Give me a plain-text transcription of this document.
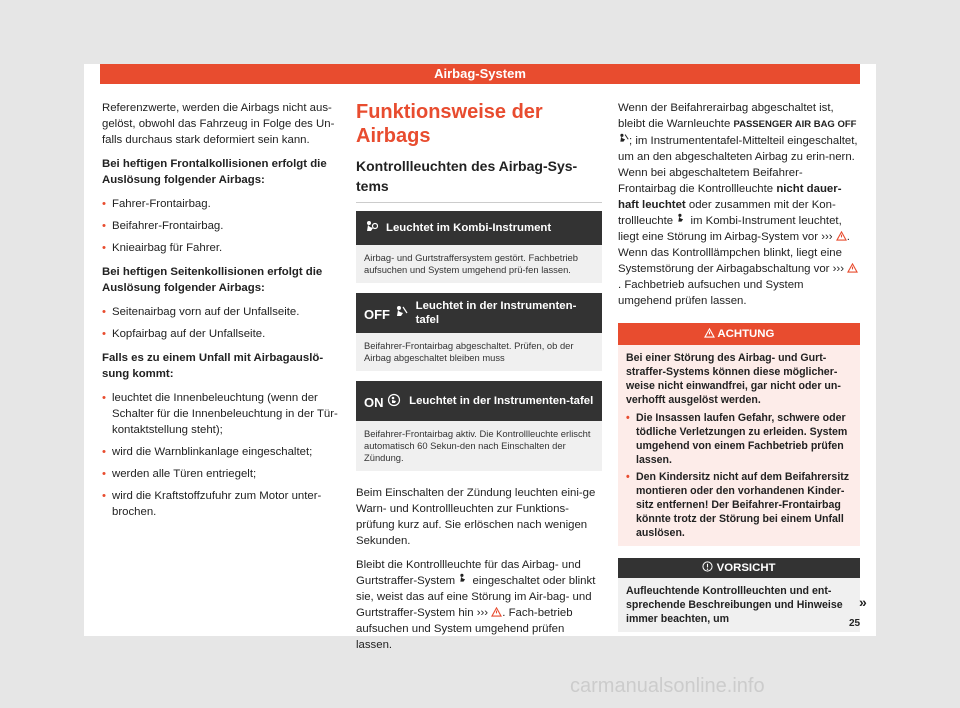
Airbag-System

Referenzwerte, werden die Airbags nicht aus-gelöst, obwohl das Fahrzeug in Folge des Un-falls durchaus stark deformiert sein kann.

Bei heftigen Frontalkollisionen erfolgt die Auslösung folgender Airbags:

• Fahrer-Frontairbag.
• Beifahrer-Frontairbag.
• Knieairbag für Fahrer.

Bei heftigen Seitenkollisionen erfolgt die Auslösung folgender Airbags:

• Seitenairbag vorn auf der Unfallseite.
• Kopfairbag auf der Unfallseite.

Falls es zu einem Unfall mit Airbagauslö-sung kommt:

• leuchtet die Innenbeleuchtung (wenn der Schalter für die Innenbeleuchtung in der Tür-kontaktstellung steht);
• wird die Warnblinkanlage eingeschaltet;
• werden alle Türen entriegelt;
• wird die Kraftstoffzufuhr zum Motor unter-brochen.
Funktionsweise der Airbags
Kontrollleuchten des Airbag-Sys-tems
Leuchtet im Kombi-Instrument
Airbag- und Gurtstraffersystem gestört. Fachbetrieb aufsuchen und System umgehend prü-fen lassen.
OFF
Leuchtet in der Instrumenten-tafel
Beifahrer-Frontairbag abgeschaltet. Prüfen, ob der Airbag abgeschaltet bleiben muss
ON	Leuchtet in der Instrumenten-tafel
Beifahrer-Frontairbag aktiv. Die Kontrollleuchte erlischt automatisch 60 Sekun-den nach Einschalten der Zündung.

Beim Einschalten der Zündung leuchten eini-ge Warn- und Kontrollleuchten zur Funktions-prüfung kurz auf. Sie erlöschen nach wenigen Sekunden.

Bleibt die Kontrollleuchte für das Airbag- und Gurtstraffer-System eingeschaltet oder blinkt sie, weist das auf eine Störung im Air-bag- und Gurtstraffer-System hin ››› . Fach-betrieb aufsuchen und System umgehend prüfen lassen.

Wenn der Beifahrerairbag abgeschaltet ist, bleibt die Warnleuchte PASSENGER AIR BAG OFF ; im Instrumententafel-Mittelteil eingeschaltet, um an den abgeschalteten Airbag zu erin-nern. Wenn bei abgeschaltetem Beifahrer-Frontairbag die Kontrollleuchte nicht dauer-haft leuchtet oder zusammen mit der Kon-trollleuchte im Kombi-Instrument leuchtet, liegt eine Störung im Airbag-System vor ››› . Wenn das Kontrolllämpchen blinkt, liegt eine Systemstörung der Airbagabschaltung vor ››› . Fachbetrieb aufsuchen und System umgehend prüfen lassen.

ACHTUNG

Bei einer Störung des Airbag- und Gurt-straffer-Systems können diese möglicher-weise nicht einwandfrei, gar nicht oder un-verhofft ausgelöst werden.

• Die Insassen laufen Gefahr, schwere oder tödliche Verletzungen zu erleiden. System umgehend von einem Fachbetrieb prüfen lassen.
• Den Kindersitz nicht auf dem Beifahrersitz montieren oder den vorhandenen Kinder-sitz entfernen! Der Beifahrer-Frontairbag könnte trotz der Störung bei einem Unfall auslösen.
VORSICHT
Aufleuchtende Kontrollleuchten und ent-sprechende Beschreibungen und Hinweise immer beachten, um
»
25
carmanualsonline.info
